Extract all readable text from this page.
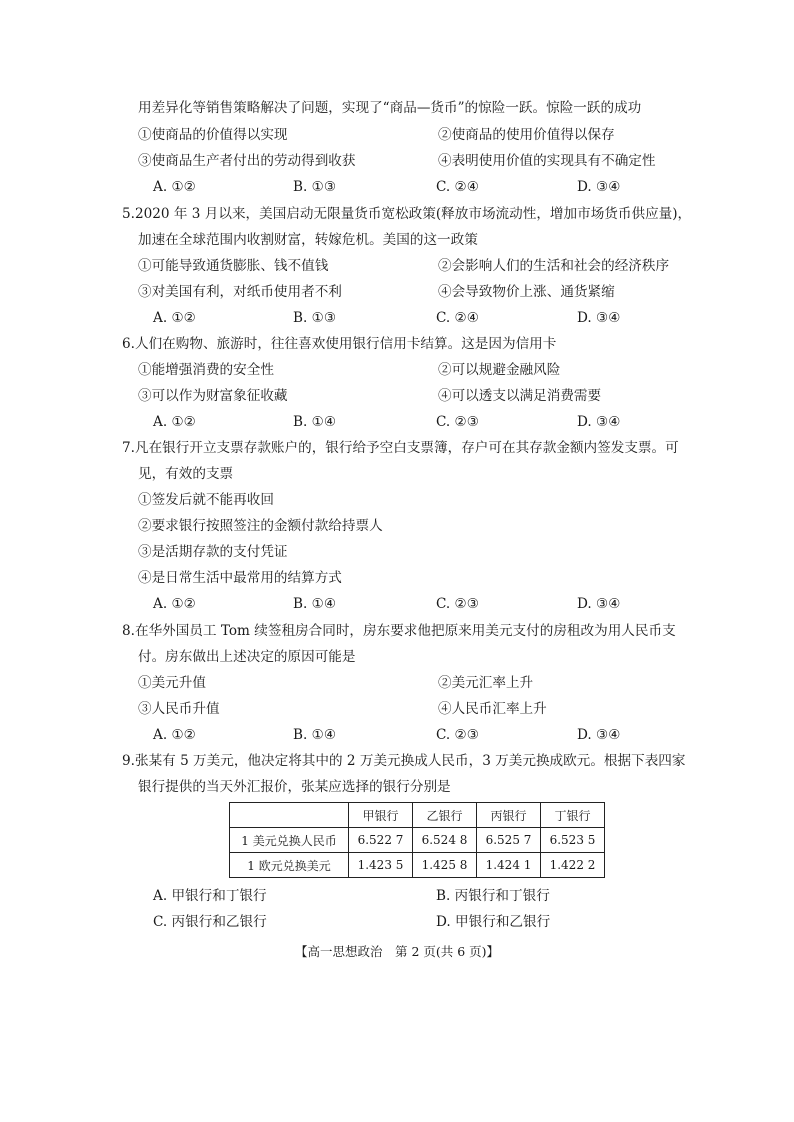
用差异化等销售策略解决了问题，实现了“商品—货币”的惊险一跃。惊险一跃的成功
①使商品的价值得以实现	②使商品的使用价值得以保存
③使商品生产者付出的劳动得到收获	④表明使用价值的实现具有不确定性
A. ①②	B. ①③	C. ②④	D. ③④
5.2020 年 3 月以来，美国启动无限量货币宽松政策(释放市场流动性，增加市场货币供应量)，
加速在全球范围内收割财富，转嫁危机。美国的这一政策
①可能导致通货膨胀、钱不值钱	②会影响人们的生活和社会的经济秩序
③对美国有利，对纸币使用者不利	④会导致物价上涨、通货紧缩
A. ①②	B. ①③	C. ②④	D. ③④
6.人们在购物、旅游时，往往喜欢使用银行信用卡结算。这是因为信用卡
①能增强消费的安全性	②可以规避金融风险
③可以作为财富象征收藏	④可以透支以满足消费需要
A. ①②	B. ①④	C. ②③	D. ③④
7.凡在银行开立支票存款账户的，银行给予空白支票簿，存户可在其存款金额内签发支票。可
见，有效的支票
①签发后就不能再收回
②要求银行按照签注的金额付款给持票人
③是活期存款的支付凭证
④是日常生活中最常用的结算方式
A. ①②	B. ①④	C. ②③	D. ③④
8.在华外国员工 Tom 续签租房合同时，房东要求他把原来用美元支付的房租改为用人民币支
付。房东做出上述决定的原因可能是
①美元升值	②美元汇率上升
③人民币升值	④人民币汇率上升
A. ①②	B. ①④	C. ②③	D. ③④
9.张某有 5 万美元，他决定将其中的 2 万美元换成人民币，3 万美元换成欧元。根据下表四家
银行提供的当天外汇报价，张某应选择的银行分别是
	甲银行	乙银行	丙银行	丁银行
1 美元兑换人民币	6.522 7	6.524 8	6.525 7	6.523 5
1 欧元兑换美元	1.423 5	1.425 8	1.424 1	1.422 2
A. 甲银行和丁银行	B. 丙银行和丁银行
C. 丙银行和乙银行	D. 甲银行和乙银行
【高一思想政治　第 2 页(共 6 页)】
